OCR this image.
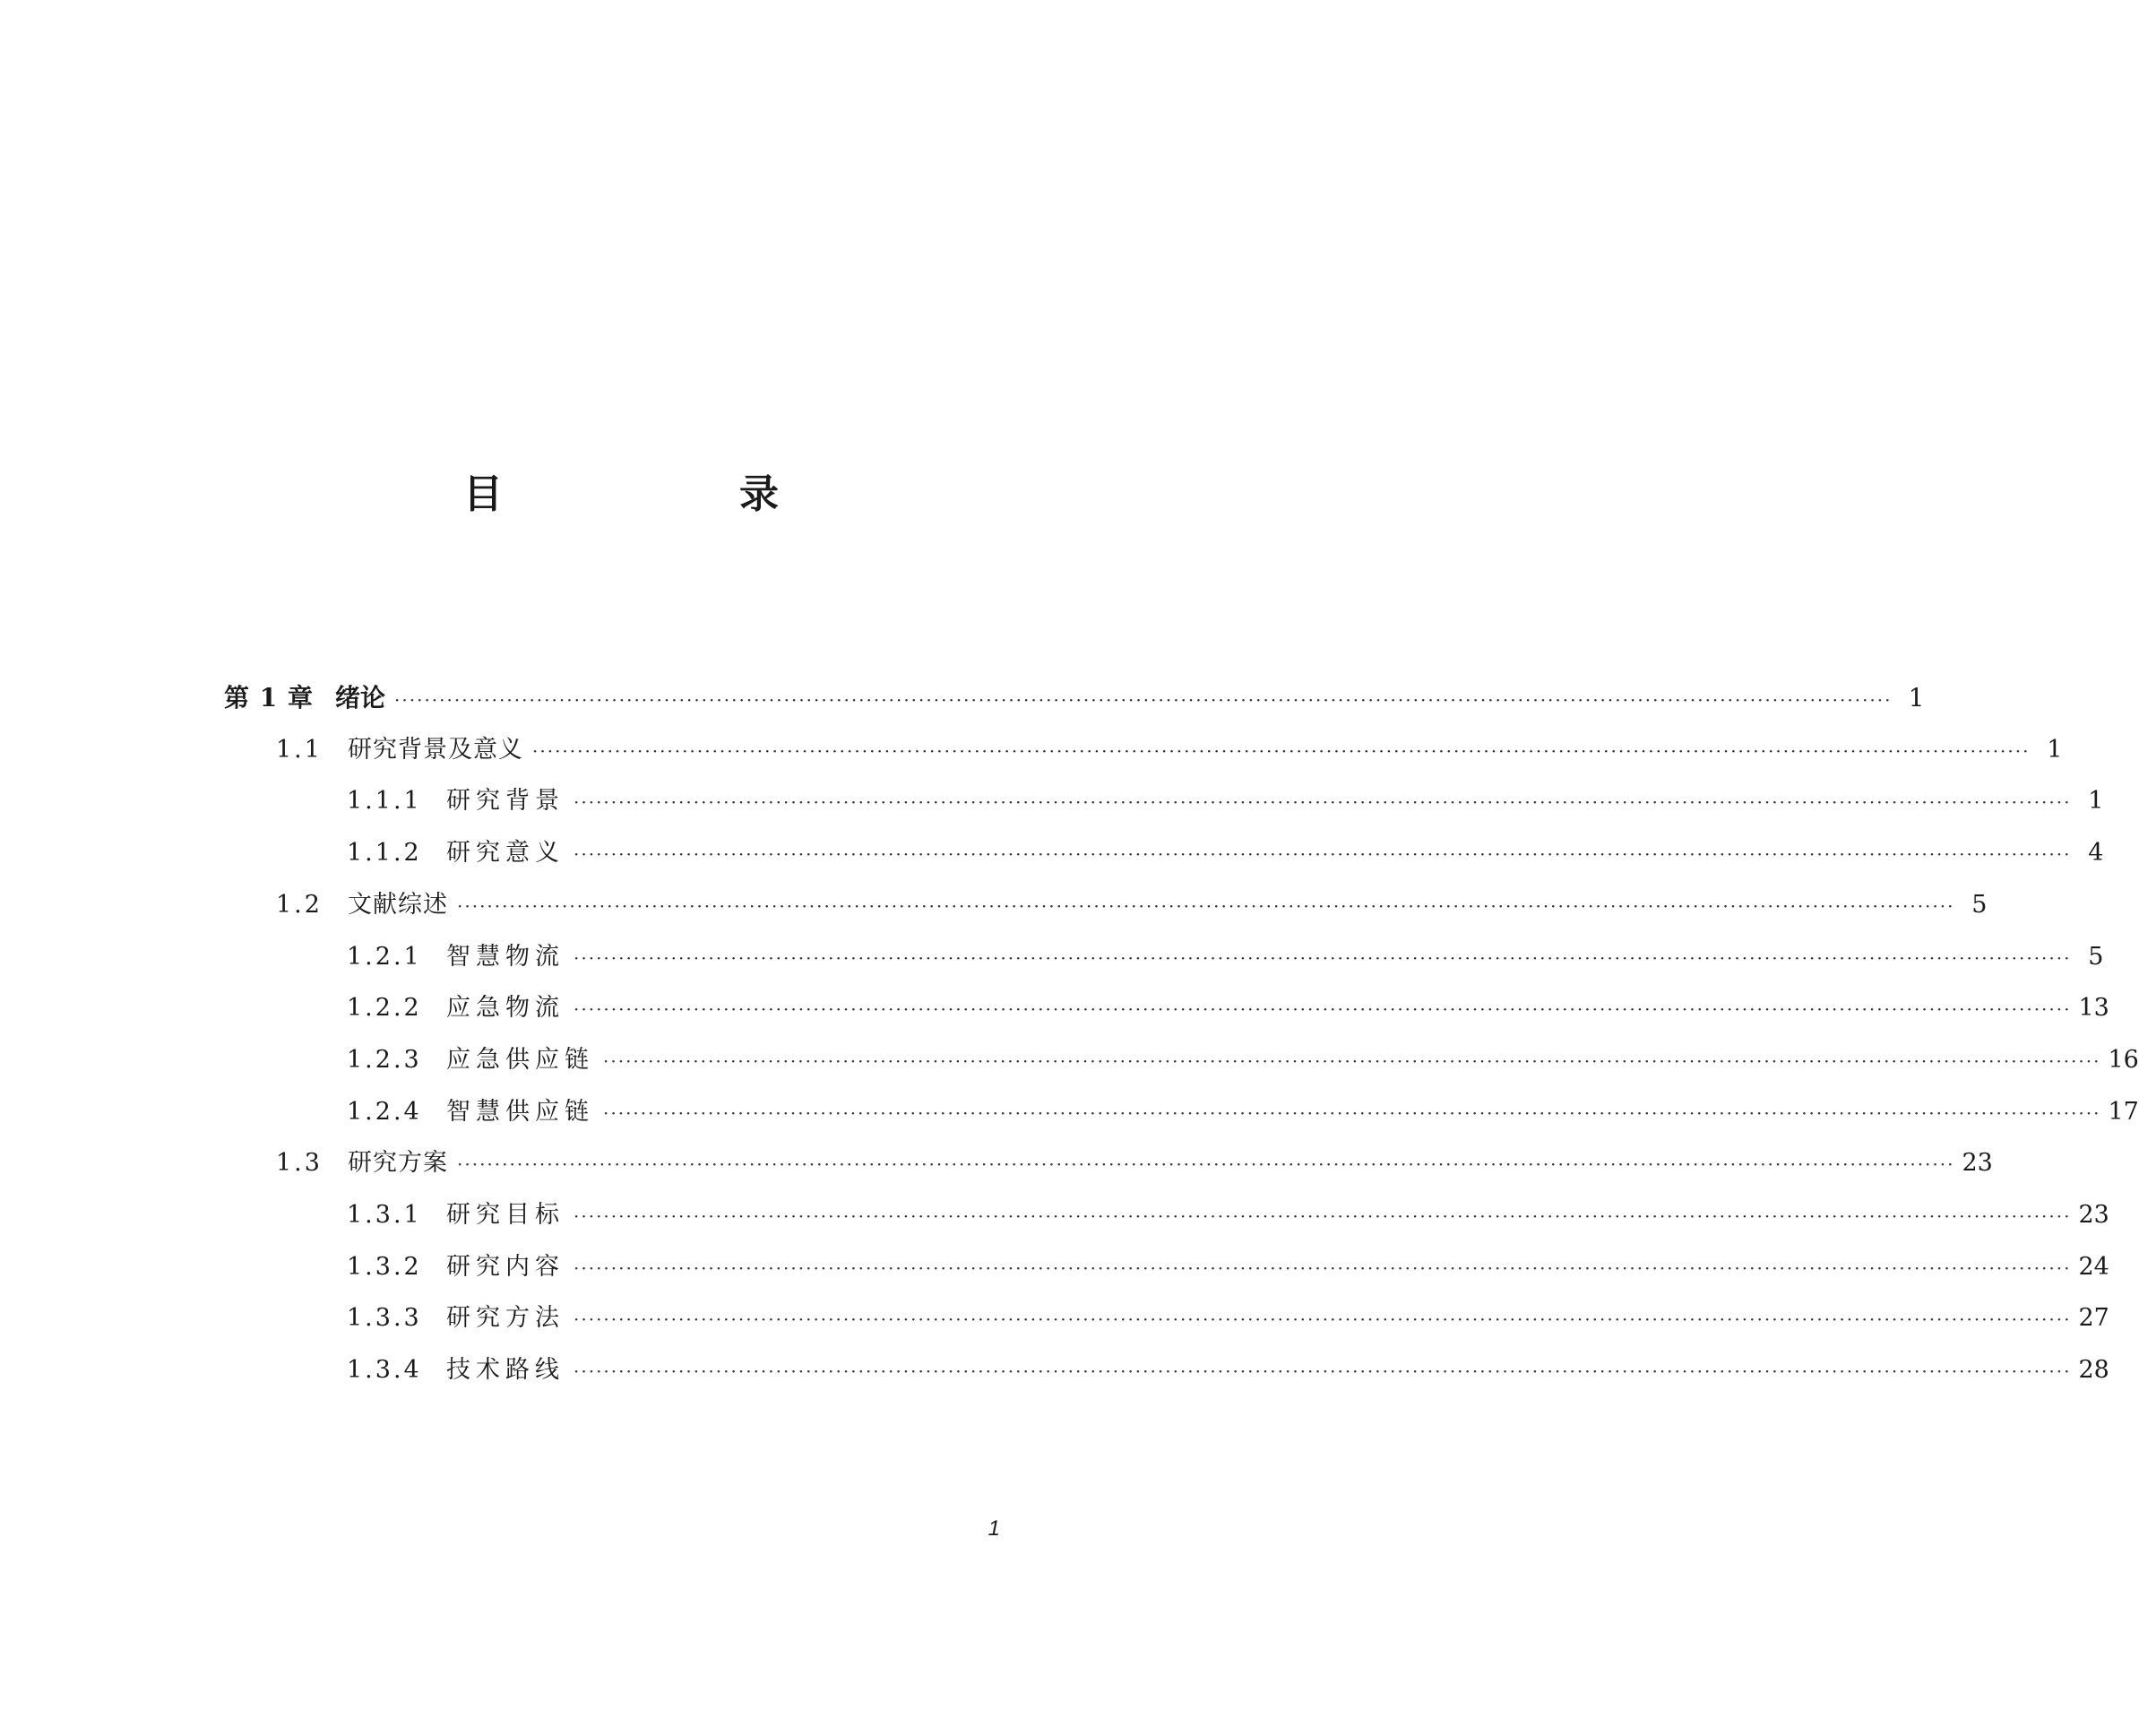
目　录
第 1 章 绪论 ········································································································································································································ 1
1.1	研究背景及意义 ········································································································································································································ 1
1.1.1	研究背景 ········································································································································································································ 1
1.1.2	研究意义 ········································································································································································································ 4
1.2	文献综述 ········································································································································································································ 5
1.2.1	智慧物流 ········································································································································································································ 5
1.2.2	应急物流 ········································································································································································································ 13
1.2.3	应急供应链 ········································································································································································································ 16
1.2.4	智慧供应链 ········································································································································································································ 17
1.3	研究方案 ········································································································································································································ 23
1.3.1	研究目标 ········································································································································································································ 23
1.3.2	研究内容 ········································································································································································································ 24
1.3.3	研究方法 ········································································································································································································ 27
1.3.4	技术路线 ········································································································································································································ 28
1
